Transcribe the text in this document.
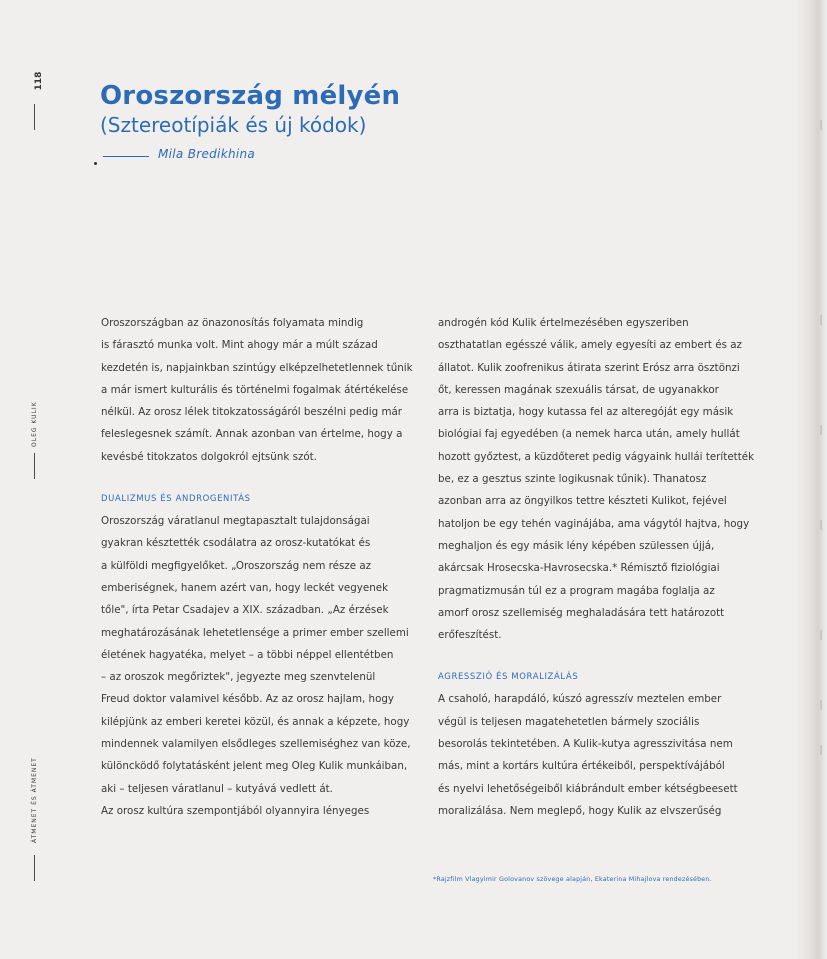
118
OLEG KULIK
ÁTMENET ÉS ÁTMENET
Oroszország mélyén
(Sztereotípiák és új kódok)
Mila Bredikhina

Oroszországban az önazonosítás folyamata mindig

is fárasztó munka volt. Mint ahogy már a múlt század

kezdetén is, napjainkban szintúgy elképzelhetetlennek tűnik

a már ismert kulturális és történelmi fogalmak átértékelése

nélkül. Az orosz lélek titokzatosságáról beszélni pedig már

feleslegesnek számít. Annak azonban van értelme, hogy a

kevésbé titokzatos dolgokról ejtsünk szót.

DUALIZMUS ÉS ANDROGENITÁS

Oroszország váratlanul megtapasztalt tulajdonságai

gyakran késztették csodálatra az orosz-kutatókat és

a külföldi megfigyelőket. „Oroszország nem része az

emberiségnek, hanem azért van, hogy leckét vegyenek

tőle", írta Petar Csadajev a XIX. században. „Az érzések

meghatározásának lehetetlensége a primer ember szellemi

életének hagyatéka, melyet – a többi néppel ellentétben

– az oroszok megőriztek", jegyezte meg szenvtelenül

Freud doktor valamivel később. Az az orosz hajlam, hogy

kilépjünk az emberi keretei közül, és annak a képzete, hogy

mindennek valamilyen elsődleges szellemiséghez van köze,

különcködő folytatásként jelent meg Oleg Kulik munkáiban,

aki – teljesen váratlanul – kutyává vedlett át.

Az orosz kultúra szempontjából olyannyira lényeges

androgén kód Kulik értelmezésében egyszeriben

oszthatatlan egésszé válik, amely egyesíti az embert és az

állatot. Kulik zoofrenikus átirata szerint Erósz arra ösztönzi

őt, keressen magának szexuális társat, de ugyanakkor

arra is biztatja, hogy kutassa fel az alteregóját egy másik

biológiai faj egyedében (a nemek harca után, amely hullát

hozott győztest, a küzdőteret pedig vágyaink hullái terítették

be, ez a gesztus szinte logikusnak tűnik). Thanatosz

azonban arra az öngyilkos tettre készteti Kulikot, fejével

hatoljon be egy tehén vaginájába, ama vágytól hajtva, hogy

meghaljon és egy másik lény képében szülessen újjá,

akárcsak Hrosecska-Havrosecska.* Rémisztő fiziológiai

pragmatizmusán túl ez a program magába foglalja az

amorf orosz szellemiség meghaladására tett határozott

erőfeszítést.

AGRESSZIÓ ÉS MORALIZÁLÁS

A csaholó, harapdáló, kúszó agresszív meztelen ember

végül is teljesen magatehetetlen bármely szociális

besorolás tekintetében. A Kulik-kutya agresszivitása nem

más, mint a kortárs kultúra értékeiből, perspektívájából

és nyelvi lehetőségeiből kiábrándult ember kétségbeesett

moralizálása. Nem meglepő, hogy Kulik az elvszerűség

*Rajzfilm Vlagyimir Golovanov szövege alapján, Ekaterina Mihajlova rendezésében.
